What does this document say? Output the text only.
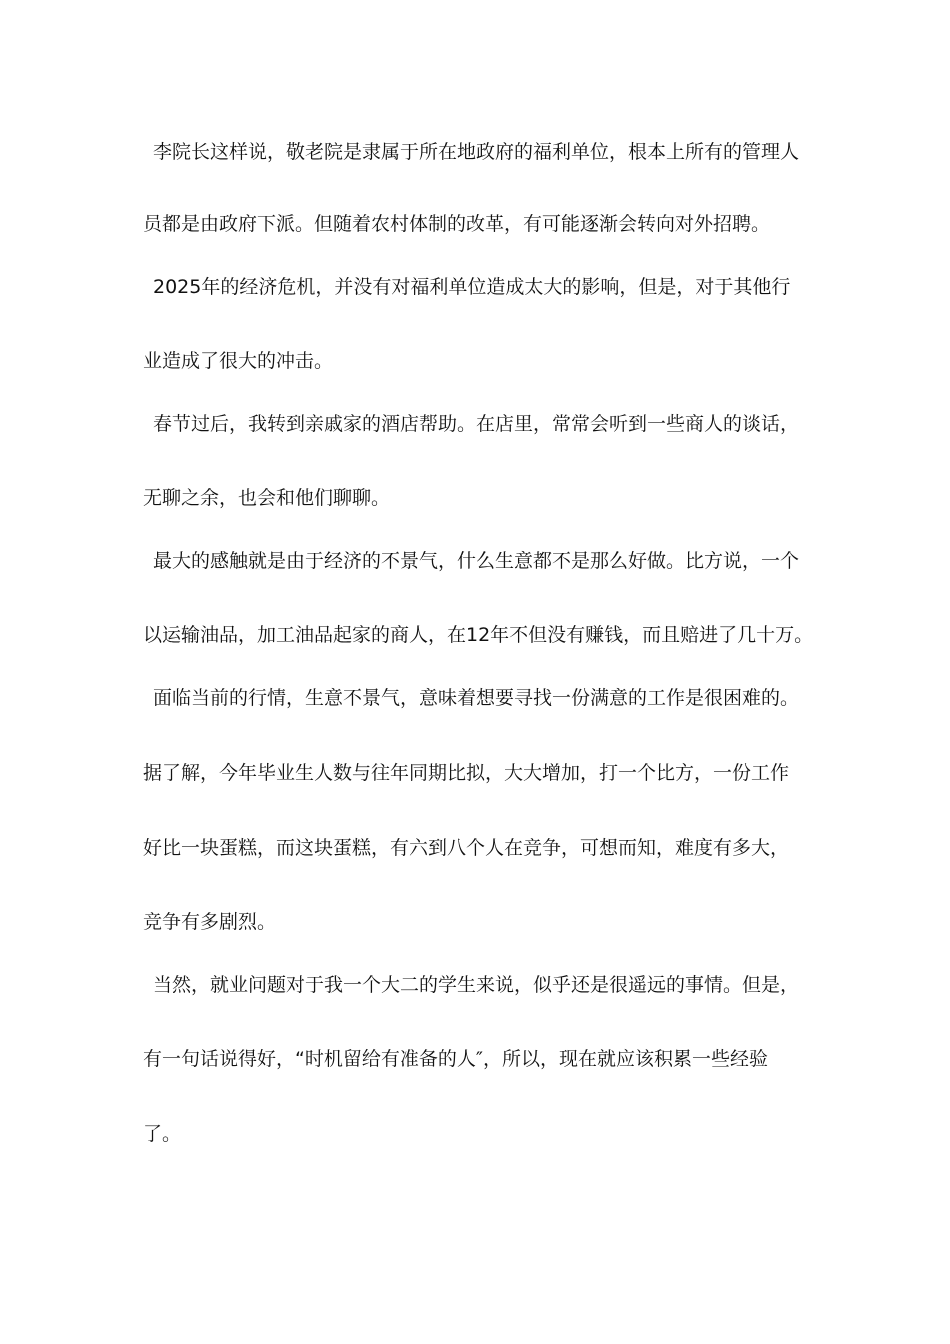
李院长这样说，敬老院是隶属于所在地政府的福利单位，根本上所有的管理人
员都是由政府下派。但随着农村体制的改革，有可能逐渐会转向对外招聘。
2025年的经济危机，并没有对福利单位造成太大的影响，但是，对于其他行
业造成了很大的冲击。
春节过后，我转到亲戚家的酒店帮助。在店里，常常会听到一些商人的谈话，
无聊之余，也会和他们聊聊。
最大的感触就是由于经济的不景气，什么生意都不是那么好做。比方说，一个
以运输油品，加工油品起家的商人，在12年不但没有赚钱，而且赔进了几十万。
面临当前的行情，生意不景气，意味着想要寻找一份满意的工作是很困难的。
据了解，今年毕业生人数与往年同期比拟，大大增加，打一个比方，一份工作
好比一块蛋糕，而这块蛋糕，有六到八个人在竞争，可想而知，难度有多大，
竞争有多剧烈。
当然，就业问题对于我一个大二的学生来说，似乎还是很遥远的事情。但是，
有一句话说得好，“时机留给有准备的人″，所以，现在就应该积累一些经验
了。
